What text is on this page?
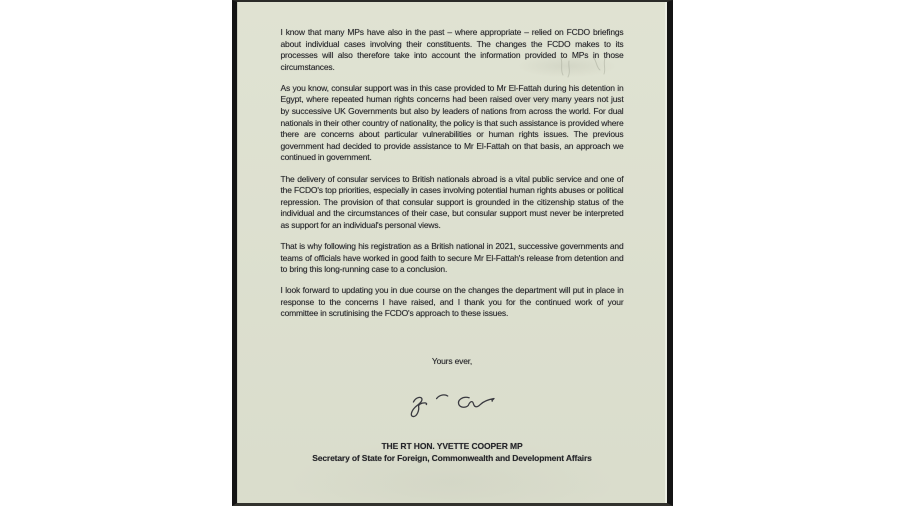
I know that many MPs have also in the past – where appropriate – relied on FCDO briefings about individual cases involving their constituents. The changes the FCDO makes to its processes will also therefore take into account the information provided to MPs in those circumstances.

As you know, consular support was in this case provided to Mr El-Fattah during his detention in Egypt, where repeated human rights concerns had been raised over very many years not just by successive UK Governments but also by leaders of nations from across the world. For dual nationals in their other country of nationality, the policy is that such assistance is provided where there are concerns about particular vulnerabilities or human rights issues. The previous government had decided to provide assistance to Mr El-Fattah on that basis, an approach we continued in government.

The delivery of consular services to British nationals abroad is a vital public service and one of the FCDO's top priorities, especially in cases involving potential human rights abuses or political repression. The provision of that consular support is grounded in the citizenship status of the individual and the circumstances of their case, but consular support must never be interpreted as support for an individual's personal views.

That is why following his registration as a British national in 2021, successive governments and teams of officials have worked in good faith to secure Mr El-Fattah's release from detention and to bring this long-running case to a conclusion.

I look forward to updating you in due course on the changes the department will put in place in response to the concerns I have raised, and I thank you for the continued work of your committee in scrutinising the FCDO's approach to these issues.

Yours ever,
THE RT HON. YVETTE COOPER MP
Secretary of State for Foreign, Commonwealth and Development Affairs
